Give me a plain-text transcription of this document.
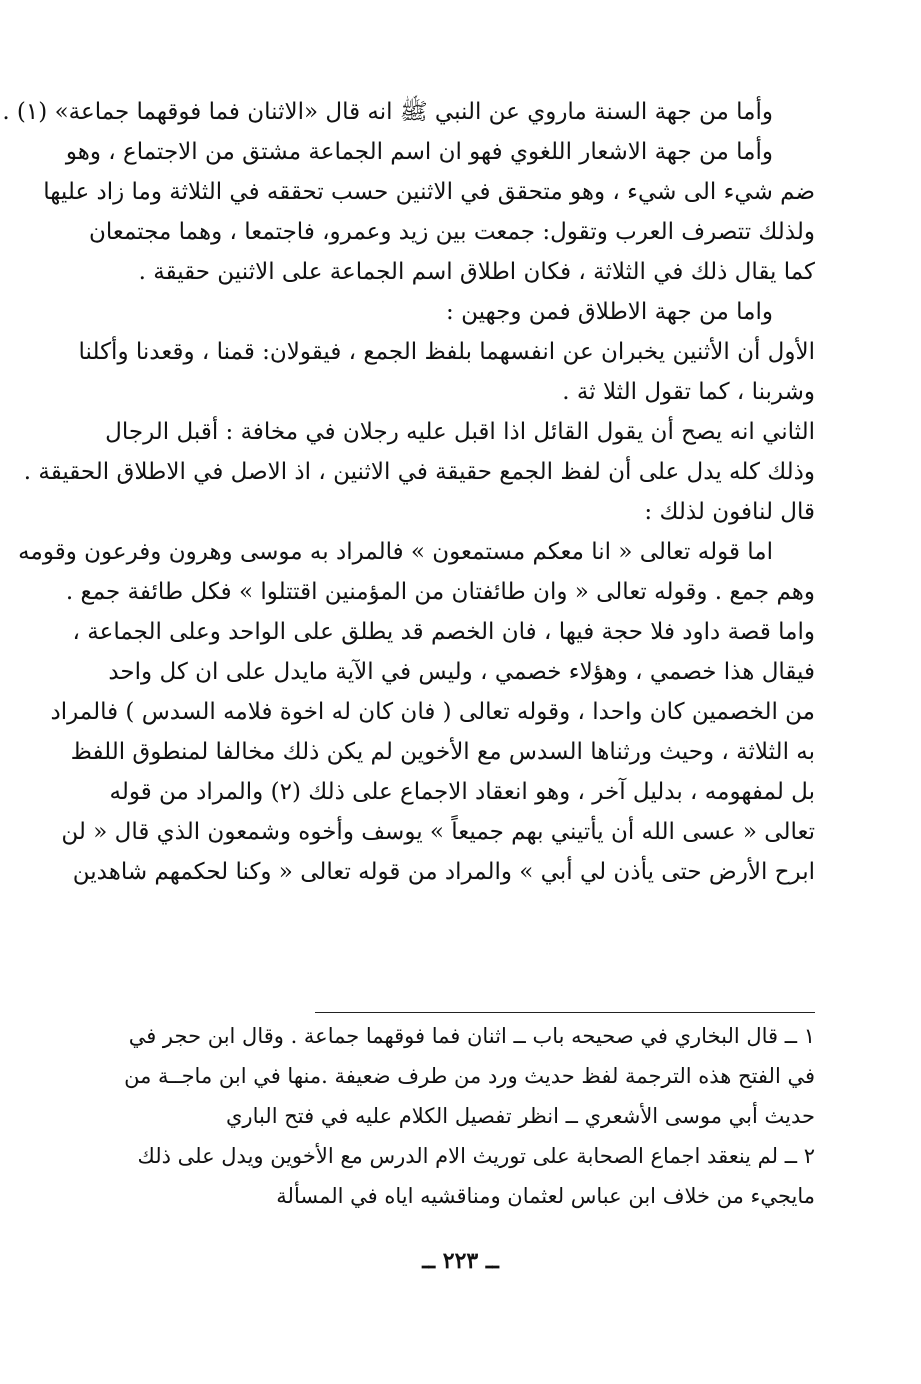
وأما من جهة السنة ماروي عن النبي ﷺ انه قال «الاثنان فما فوقهما جماعة» (١) .
وأما من جهة الاشعار اللغوي فهو ان اسم الجماعة مشتق من الاجتماع ، وهو
ضم شيء الى شيء ، وهو متحقق في الاثنين حسب تحققه في الثلاثة وما زاد عليها
ولذلك تتصرف العرب وتقول: جمعت بين زيد وعمرو، فاجتمعا ، وهما مجتمعان
كما يقال ذلك في الثلاثة ، فكان اطلاق اسم الجماعة على الاثنين حقيقة .
واما من جهة الاطلاق فمن وجهين :
الأول أن الأثنين يخبران عن انفسهما بلفظ الجمع ، فيقولان: قمنا ، وقعدنا وأكلنا
وشربنا ، كما تقول الثلا ثة .
الثاني انه يصح أن يقول القائل اذا اقبل عليه رجلان في مخافة : أقبل الرجال
وذلك كله يدل على أن لفظ الجمع حقيقة في الاثنين ، اذ الاصل في الاطلاق الحقيقة .
قال لنافون لذلك :
اما قوله تعالى « انا معكم مستمعون » فالمراد به موسى وهرون وفرعون وقومه
وهم جمع . وقوله تعالى « وان طائفتان من المؤمنين اقتتلوا » فكل طائفة جمع .
واما قصة داود فلا حجة فيها ، فان الخصم قد يطلق على الواحد وعلى الجماعة ،
فيقال هذا خصمي ، وهؤلاء خصمي ، وليس في الآية مايدل على ان كل واحد
من الخصمين كان واحدا ، وقوله تعالى ( فان كان له اخوة فلامه السدس ) فالمراد
به الثلاثة ، وحيث ورثناها السدس مع الأخوين لم يكن ذلك مخالفا لمنطوق اللفظ
بل لمفهومه ، بدليل آخر ، وهو انعقاد الاجماع على ذلك (٢) والمراد من قوله
تعالى « عسى الله أن يأتيني بهم جميعاً » يوسف وأخوه وشمعون الذي قال « لن
ابرح الأرض حتى يأذن لي أبي » والمراد من قوله تعالى « وكنا لحكمهم شاهدين
١ ــ قال البخاري في صحيحه باب ــ اثنان فما فوقهما جماعة . وقال ابن حجر في
في الفتح هذه الترجمة لفظ حديث ورد من طرف ضعيفة .منها في ابن ماجــة من
حديث أبي موسى الأشعري ــ انظر تفصيل الكلام عليه في فتح الباري
٢ ــ لم ينعقد اجماع الصحابة على توريث الام الدرس مع الأخوين ويدل على ذلك
مايجيء من خلاف ابن عباس لعثمان ومناقشيه اياه في المسألة
ــ ٢٢٣ ــ
